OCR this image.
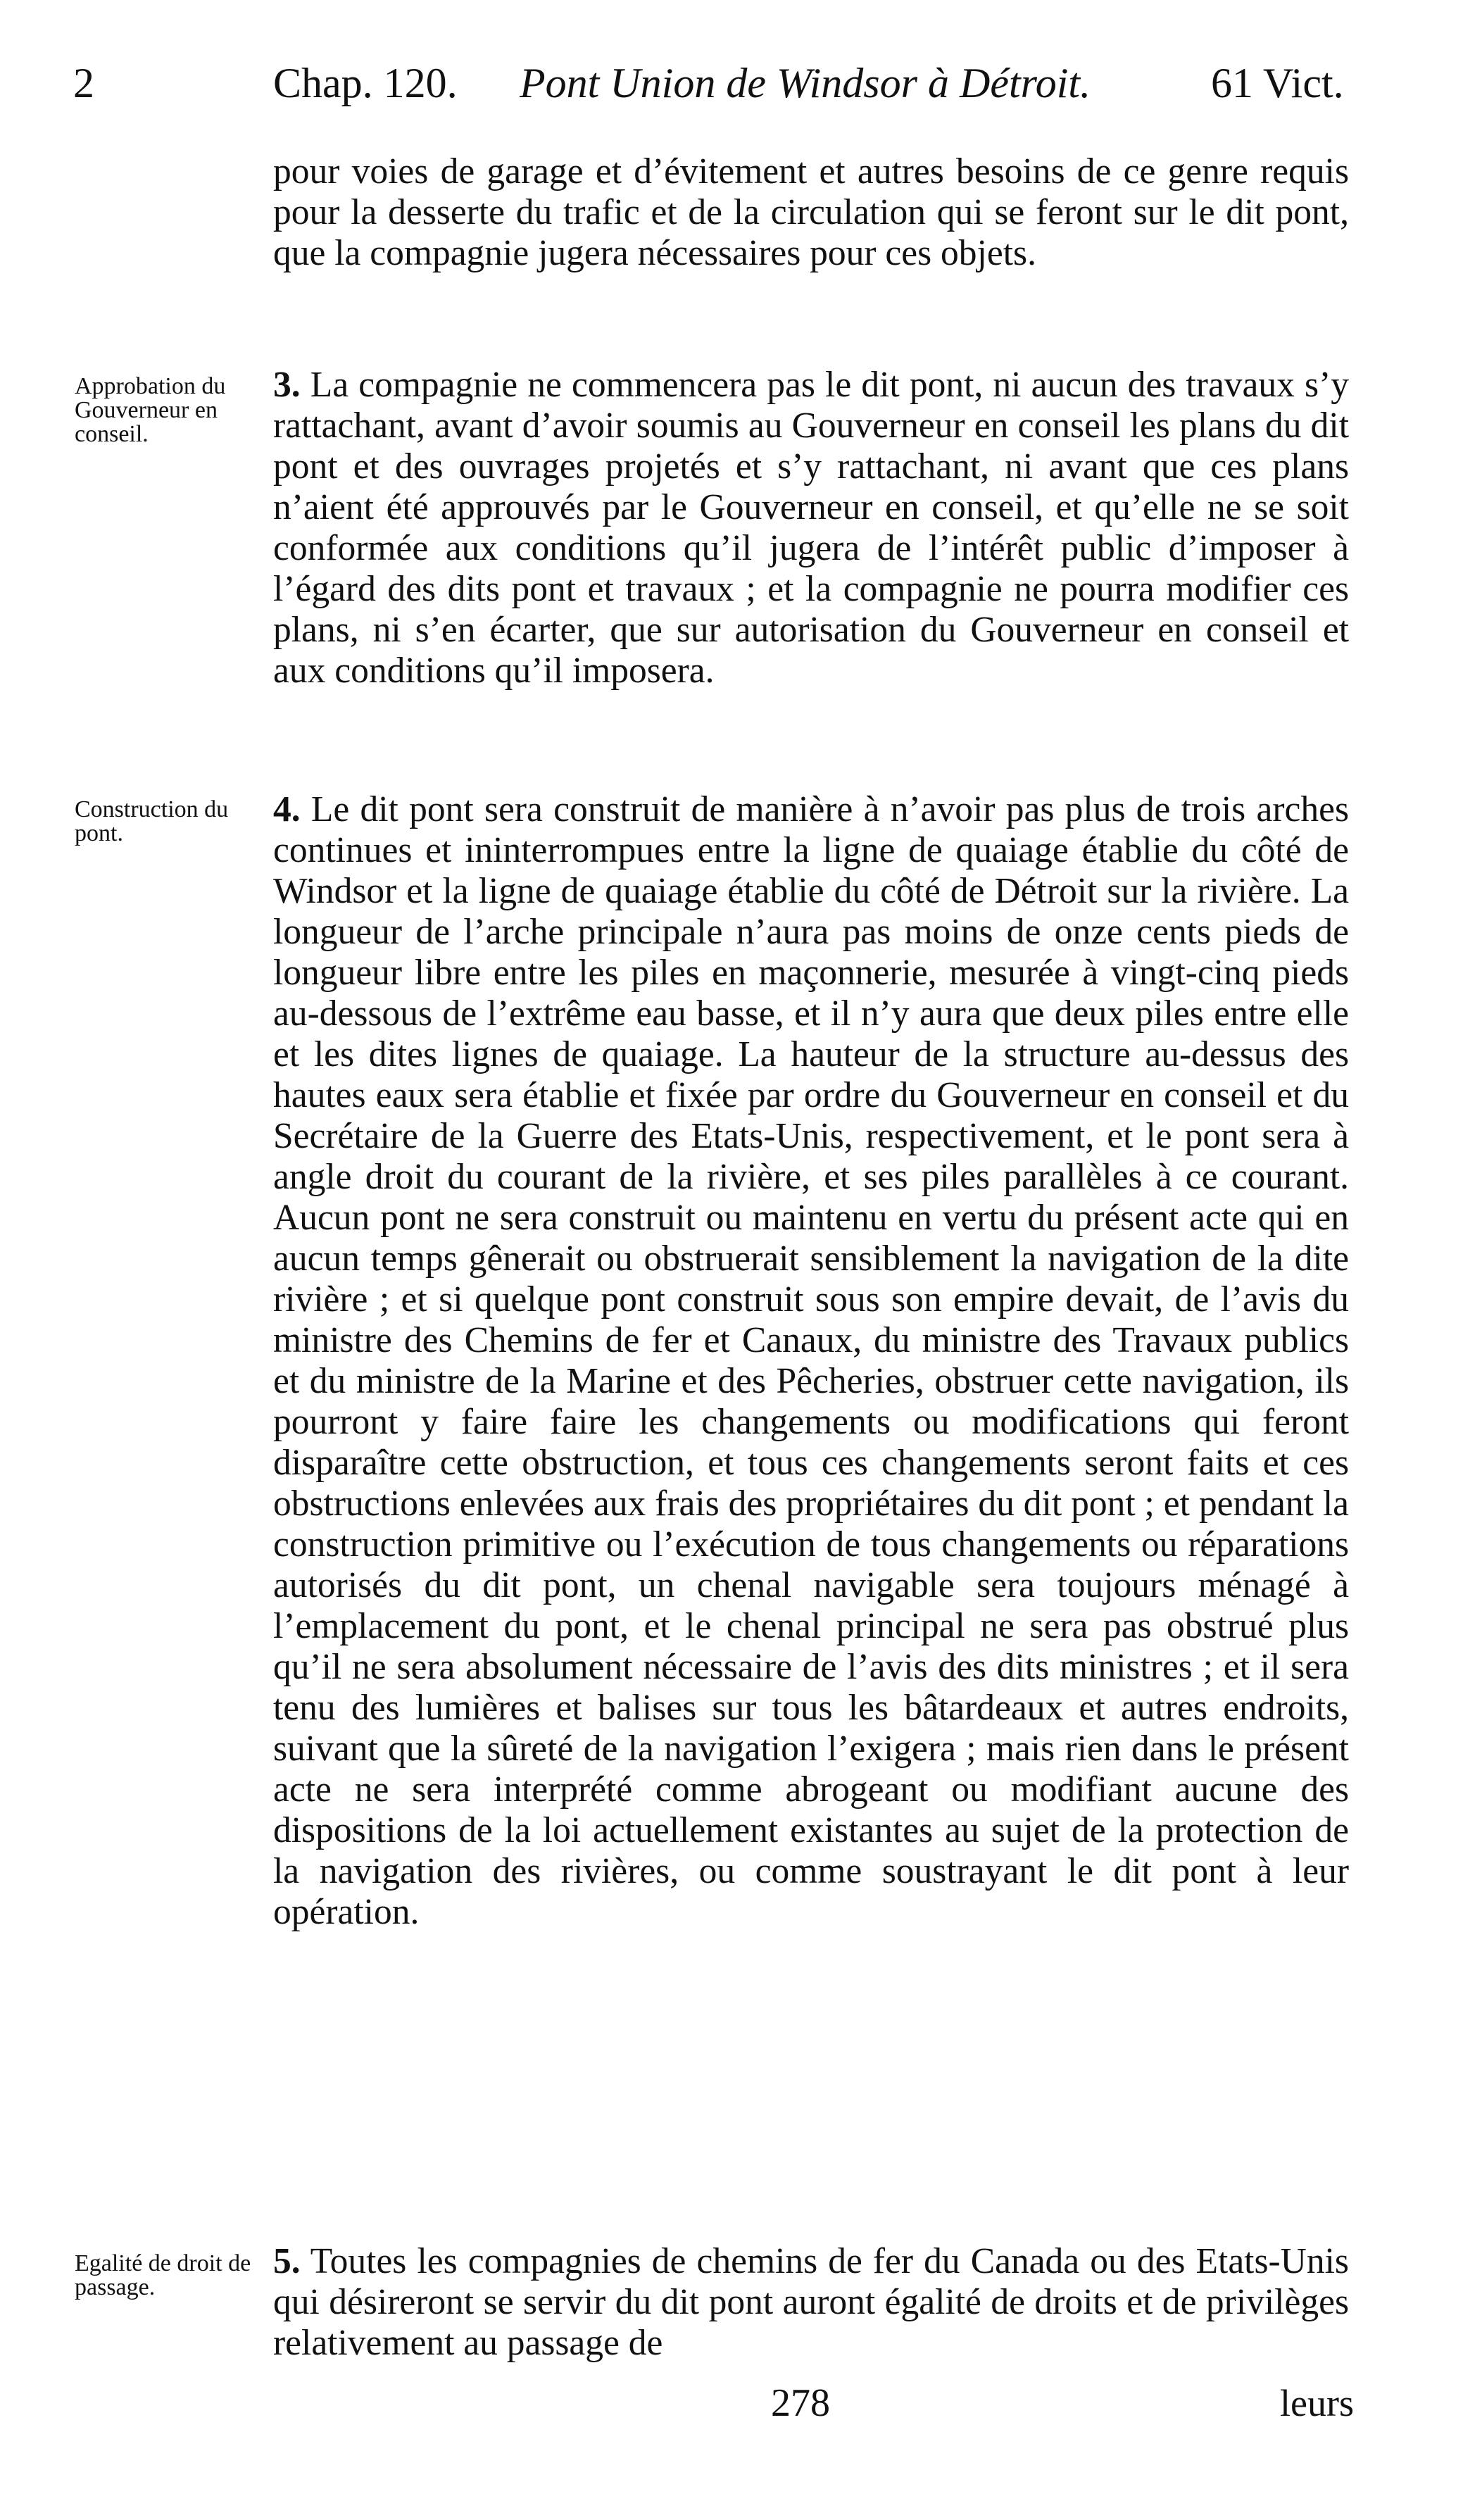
2	Chap. 120. Pont Union de Windsor à Détroit.	61 Vict.

pour voies de garage et d’évitement et autres besoins de ce genre requis pour la desserte du trafic et de la circulation qui se feront sur le dit pont, que la compagnie jugera nécessaires pour ces objets.

Approbation du Gouverneur en conseil.

3. La compagnie ne commencera pas le dit pont, ni aucun des travaux s’y rattachant, avant d’avoir soumis au Gouverneur en conseil les plans du dit pont et des ouvrages projetés et s’y rattachant, ni avant que ces plans n’aient été approuvés par le Gouverneur en conseil, et qu’elle ne se soit conformée aux conditions qu’il jugera de l’intérêt public d’imposer à l’égard des dits pont et travaux ; et la compagnie ne pourra modifier ces plans, ni s’en écarter, que sur autorisation du Gouverneur en conseil et aux conditions qu’il imposera.

Construction du pont.

4. Le dit pont sera construit de manière à n’avoir pas plus de trois arches continues et ininterrompues entre la ligne de quaiage établie du côté de Windsor et la ligne de quaiage établie du côté de Détroit sur la rivière. La longueur de l’arche principale n’aura pas moins de onze cents pieds de longueur libre entre les piles en maçonnerie, mesurée à vingt-cinq pieds au-dessous de l’extrême eau basse, et il n’y aura que deux piles entre elle et les dites lignes de quaiage. La hauteur de la structure au-dessus des hautes eaux sera établie et fixée par ordre du Gouverneur en conseil et du Secrétaire de la Guerre des Etats-Unis, respectivement, et le pont sera à angle droit du courant de la rivière, et ses piles parallèles à ce courant. Aucun pont ne sera construit ou maintenu en vertu du présent acte qui en aucun temps gênerait ou obstruerait sensiblement la navigation de la dite rivière ; et si quelque pont construit sous son empire devait, de l’avis du ministre des Chemins de fer et Canaux, du ministre des Travaux publics et du ministre de la Marine et des Pêcheries, obstruer cette navigation, ils pourront y faire faire les changements ou modifications qui feront disparaître cette obstruction, et tous ces changements seront faits et ces obstructions enlevées aux frais des propriétaires du dit pont ; et pendant la construction primitive ou l’exécution de tous changements ou réparations autorisés du dit pont, un chenal navigable sera toujours ménagé à l’emplacement du pont, et le chenal principal ne sera pas obstrué plus qu’il ne sera absolument nécessaire de l’avis des dits ministres ; et il sera tenu des lumières et balises sur tous les bâtardeaux et autres endroits, suivant que la sûreté de la navigation l’exigera ; mais rien dans le présent acte ne sera interprété comme abrogeant ou modifiant aucune des dispositions de la loi actuellement existantes au sujet de la protection de la navigation des rivières, ou comme soustrayant le dit pont à leur opération.

Egalité de droit de passage.

5. Toutes les compagnies de chemins de fer du Canada ou des Etats-Unis qui désireront se servir du dit pont auront égalité de droits et de privilèges relativement au passage de

278	leurs
